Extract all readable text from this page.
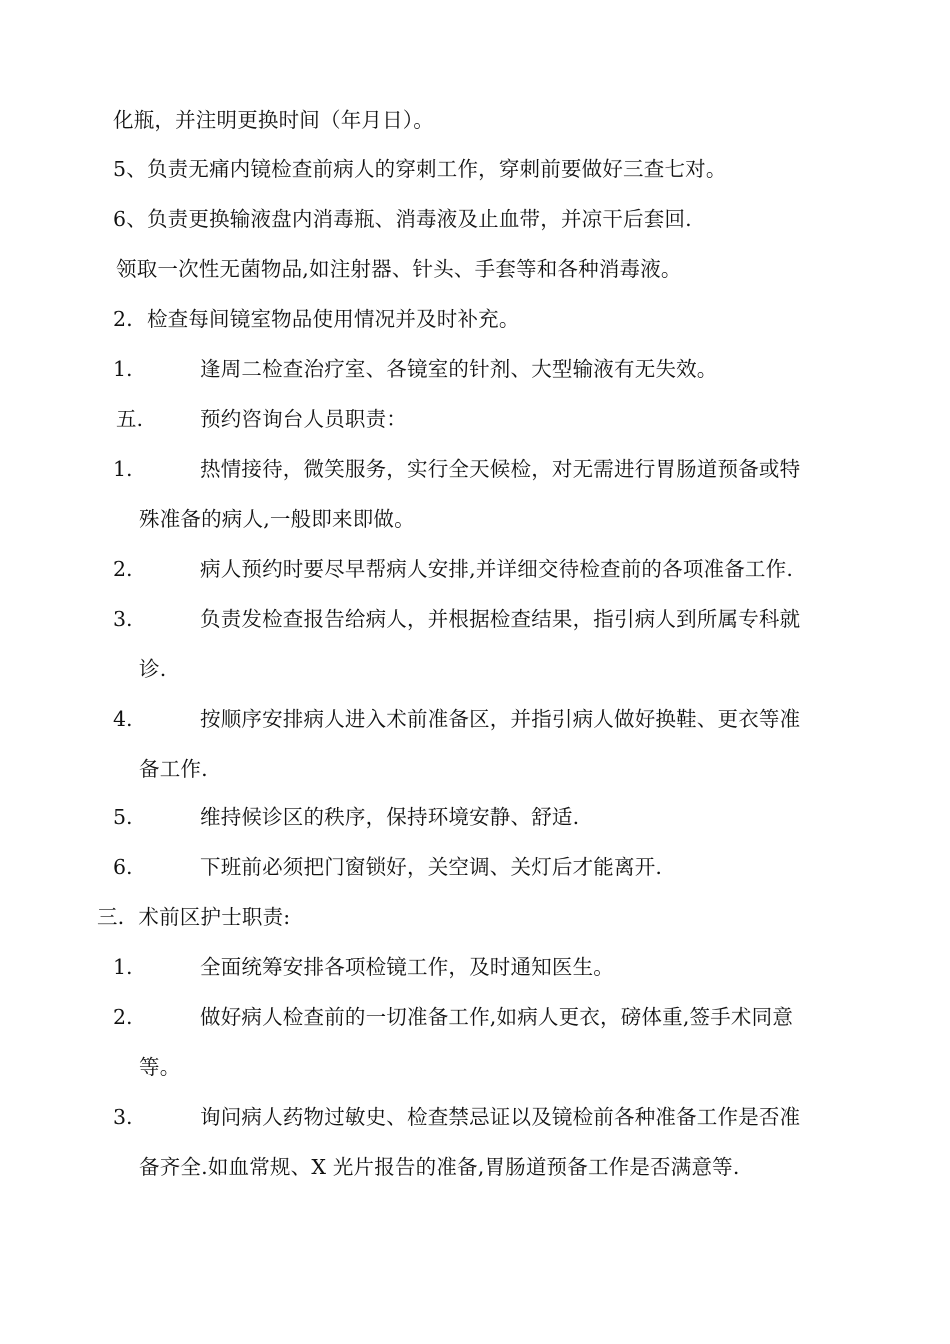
化瓶，并注明更换时间（年月日）。
5、负责无痛内镜检查前病人的穿刺工作，穿刺前要做好三查七对。
6、负责更换输液盘内消毒瓶、消毒液及止血带，并凉干后套回.
领取一次性无菌物品,如注射器、针头、手套等和各种消毒液。
2．检查每间镜室物品使用情况并及时补充。
1.	逢周二检查治疗室、各镜室的针剂、大型输液有无失效。
五.	预约咨询台人员职责：
1.	热情接待，微笑服务，实行全天候检，对无需进行胃肠道预备或特
殊准备的病人,一般即来即做。
2.	病人预约时要尽早帮病人安排,并详细交待检查前的各项准备工作.
3.	负责发检查报告给病人，并根据检查结果，指引病人到所属专科就
诊.
4.	按顺序安排病人进入术前准备区，并指引病人做好换鞋、更衣等准
备工作.
5.	维持候诊区的秩序，保持环境安静、舒适.
6.	下班前必须把门窗锁好，关空调、关灯后才能离开.
三．术前区护士职责:
1.	全面统筹安排各项检镜工作，及时通知医生。
2.	做好病人检查前的一切准备工作,如病人更衣，磅体重,签手术同意
等。
3.	询问病人药物过敏史、检查禁忌证以及镜检前各种准备工作是否准
备齐全.如血常规、X 光片报告的准备,胃肠道预备工作是否满意等.
